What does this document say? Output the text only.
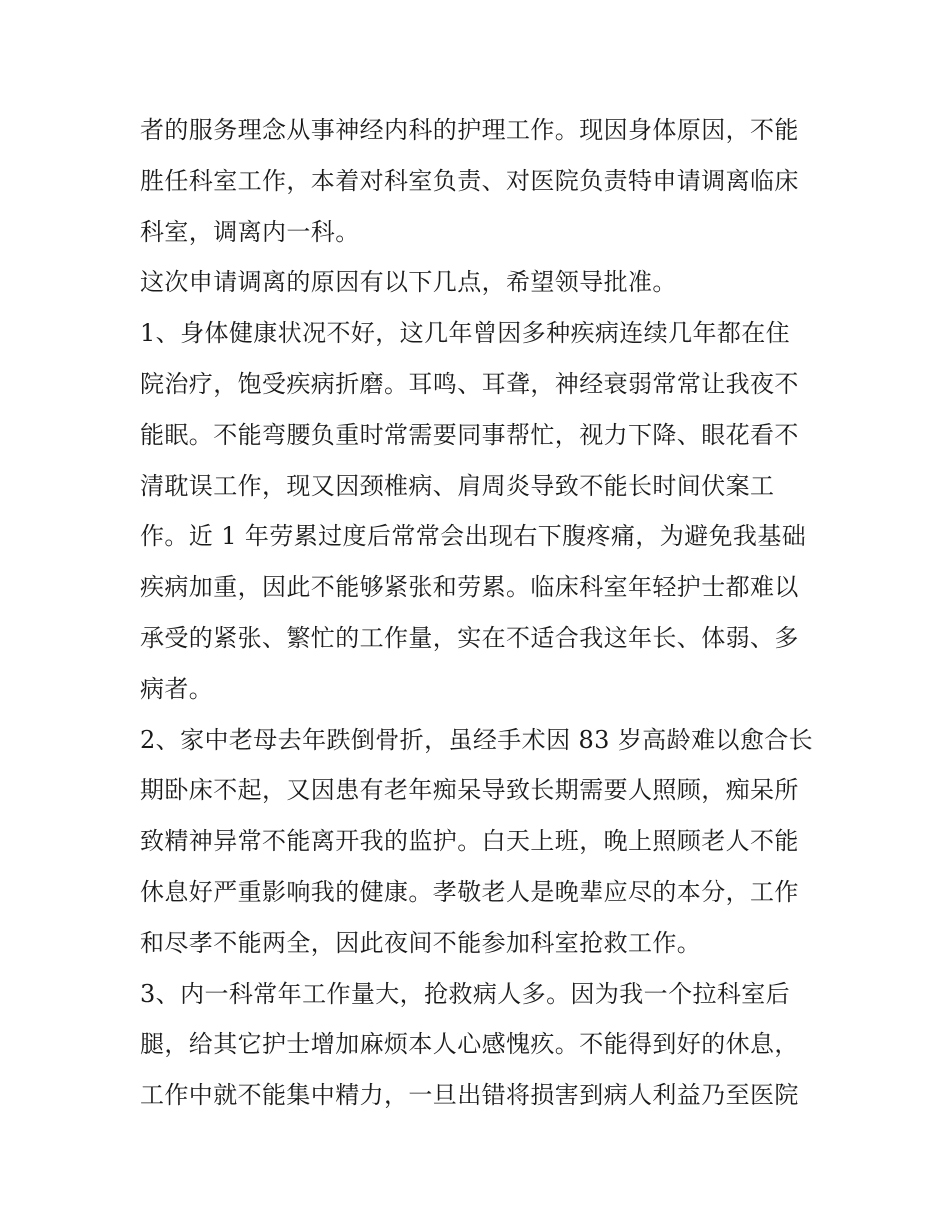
者的服务理念从事神经内科的护理工作。现因身体原因，不能
胜任科室工作，本着对科室负责、对医院负责特申请调离临床
科室，调离内一科。
这次申请调离的原因有以下几点，希望领导批准。
1、身体健康状况不好，这几年曾因多种疾病连续几年都在住
院治疗，饱受疾病折磨。耳鸣、耳聋，神经衰弱常常让我夜不
能眠。不能弯腰负重时常需要同事帮忙，视力下降、眼花看不
清耽误工作，现又因颈椎病、肩周炎导致不能长时间伏案工
作。近 1 年劳累过度后常常会出现右下腹疼痛，为避免我基础
疾病加重，因此不能够紧张和劳累。临床科室年轻护士都难以
承受的紧张、繁忙的工作量，实在不适合我这年长、体弱、多
病者。
2、家中老母去年跌倒骨折，虽经手术因 83 岁高龄难以愈合长
期卧床不起，又因患有老年痴呆导致长期需要人照顾，痴呆所
致精神异常不能离开我的监护。白天上班，晚上照顾老人不能
休息好严重影响我的健康。孝敬老人是晚辈应尽的本分，工作
和尽孝不能两全，因此夜间不能参加科室抢救工作。
3、内一科常年工作量大，抢救病人多。因为我一个拉科室后
腿，给其它护士增加麻烦本人心感愧疚。不能得到好的休息，
工作中就不能集中精力，一旦出错将损害到病人利益乃至医院
